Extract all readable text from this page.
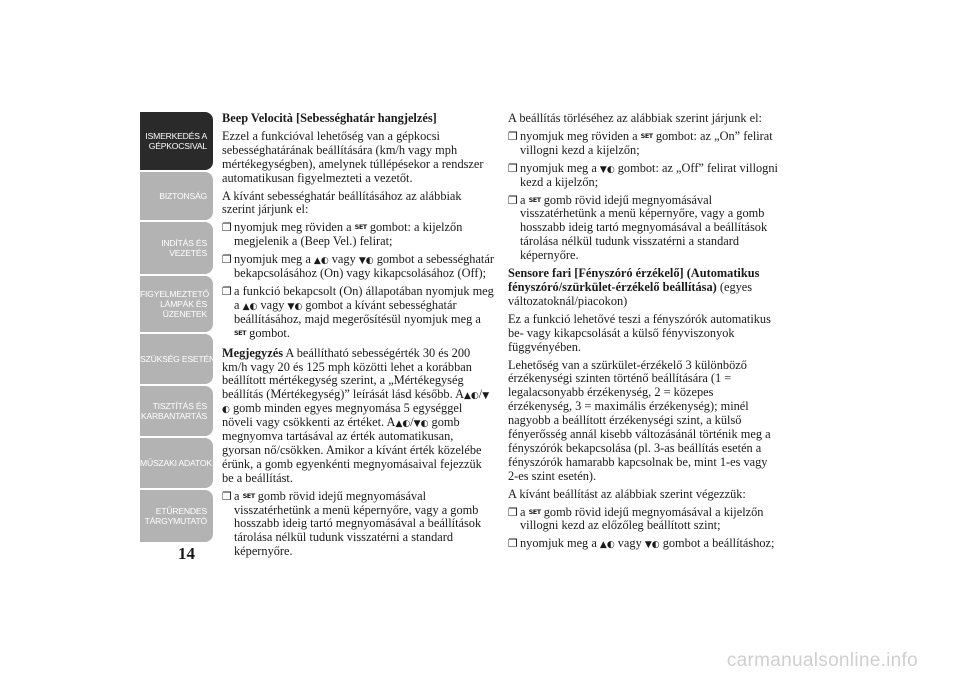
ISMERKEDÉS A
GÉPKOCSIVAL
BIZTONSÁG
INDÍTÁS ÉS
VEZETÉS
FIGYELMEZTETŐ
LÁMPÁK ÉS
ÜZENETEK
SZÜKSÉG ESETÉN
TISZTÍTÁS ÉS
KARBANTARTÁS
MŰSZAKI ADATOK
ETŰRENDES
TÁRGYMUTATÓ
14

Beep Velocità [Sebességhatár hangjelzés]

Ezzel a funkcióval lehetőség van a gépkocsi sebességhatárának beállítására (km/h vagy mph mértékegységben), amelynek túllépésekor a rendszer automatikusan figyelmezteti a vezetőt.

A kívánt sebességhatár beállításához az alábbiak szerint járjunk el:

❐ nyomjuk meg röviden a SET gombot: a kijelzőn megjelenik a (Beep Vel.) felirat;

❐ nyomjuk meg a ▲◐ vagy ▼◐ gombot a sebességhatár bekapcsolásához (On) vagy kikapcsolásához (Off);

❐ a funkció bekapcsolt (On) állapotában nyomjuk meg a ▲◐ vagy ▼◐ gombot a kívánt sebességhatár beállításához, majd megerősítésül nyomjuk meg a SET gombot.

Megjegyzés A beállítható sebességérték 30 és 200 km/h vagy 20 és 125 mph közötti lehet a korábban beállított mértékegység szerint, a „Mértékegység beállítás (Mértékegység)” leírását lásd később. A▲◐/▼◐ gomb minden egyes megnyomása 5 egységgel növeli vagy csökkenti az értéket. A▲◐/▼◐ gomb megnyomva tartásával az érték automatikusan, gyorsan nő/csökken. Amikor a kívánt érték közelébe érünk, a gomb egyenkénti megnyomásaival fejezzük be a beállítást.

❐ a SET gomb rövid idejű megnyomásával visszatérhetünk a menü képernyőre, vagy a gomb hosszabb ideig tartó megnyomásával a beállítások tárolása nélkül tudunk visszatérni a standard képernyőre.

A beállítás törléséhez az alábbiak szerint járjunk el:

❐ nyomjuk meg röviden a SET gombot: az „On” felirat villogni kezd a kijelzőn;

❐ nyomjuk meg a ▼◐ gombot: az „Off” felirat villogni kezd a kijelzőn;

❐ a SET gomb rövid idejű megnyomásával visszatérhetünk a menü képernyőre, vagy a gomb hosszabb ideig tartó megnyomásával a beállítások tárolása nélkül tudunk visszatérni a standard képernyőre.

Sensore fari [Fényszóró érzékelő] (Automatikus fényszóró/szürkület-érzékelő beállítása) (egyes változatoknál/piacokon)

Ez a funkció lehetővé teszi a fényszórók automatikus be- vagy kikapcsolását a külső fényviszonyok függvényében.

Lehetőség van a szürkület-érzékelő 3 különböző érzékenységi szinten történő beállítására (1 = legalacsonyabb érzékenység, 2 = közepes érzékenység, 3 = maximális érzékenység); minél nagyobb a beállított érzékenységi szint, a külső fényerősség annál kisebb változásánál történik meg a fényszórók bekapcsolása (pl. 3-as beállítás esetén a fényszórók hamarabb kapcsolnak be, mint 1-es vagy 2-es szint esetén).

A kívánt beállítást az alábbiak szerint végezzük:

❐ a SET gomb rövid idejű megnyomásával a kijelzőn villogni kezd az előzőleg beállított szint;

❐ nyomjuk meg a ▲◐ vagy ▼◐ gombot a beállításhoz;

carmanualsonline.info
